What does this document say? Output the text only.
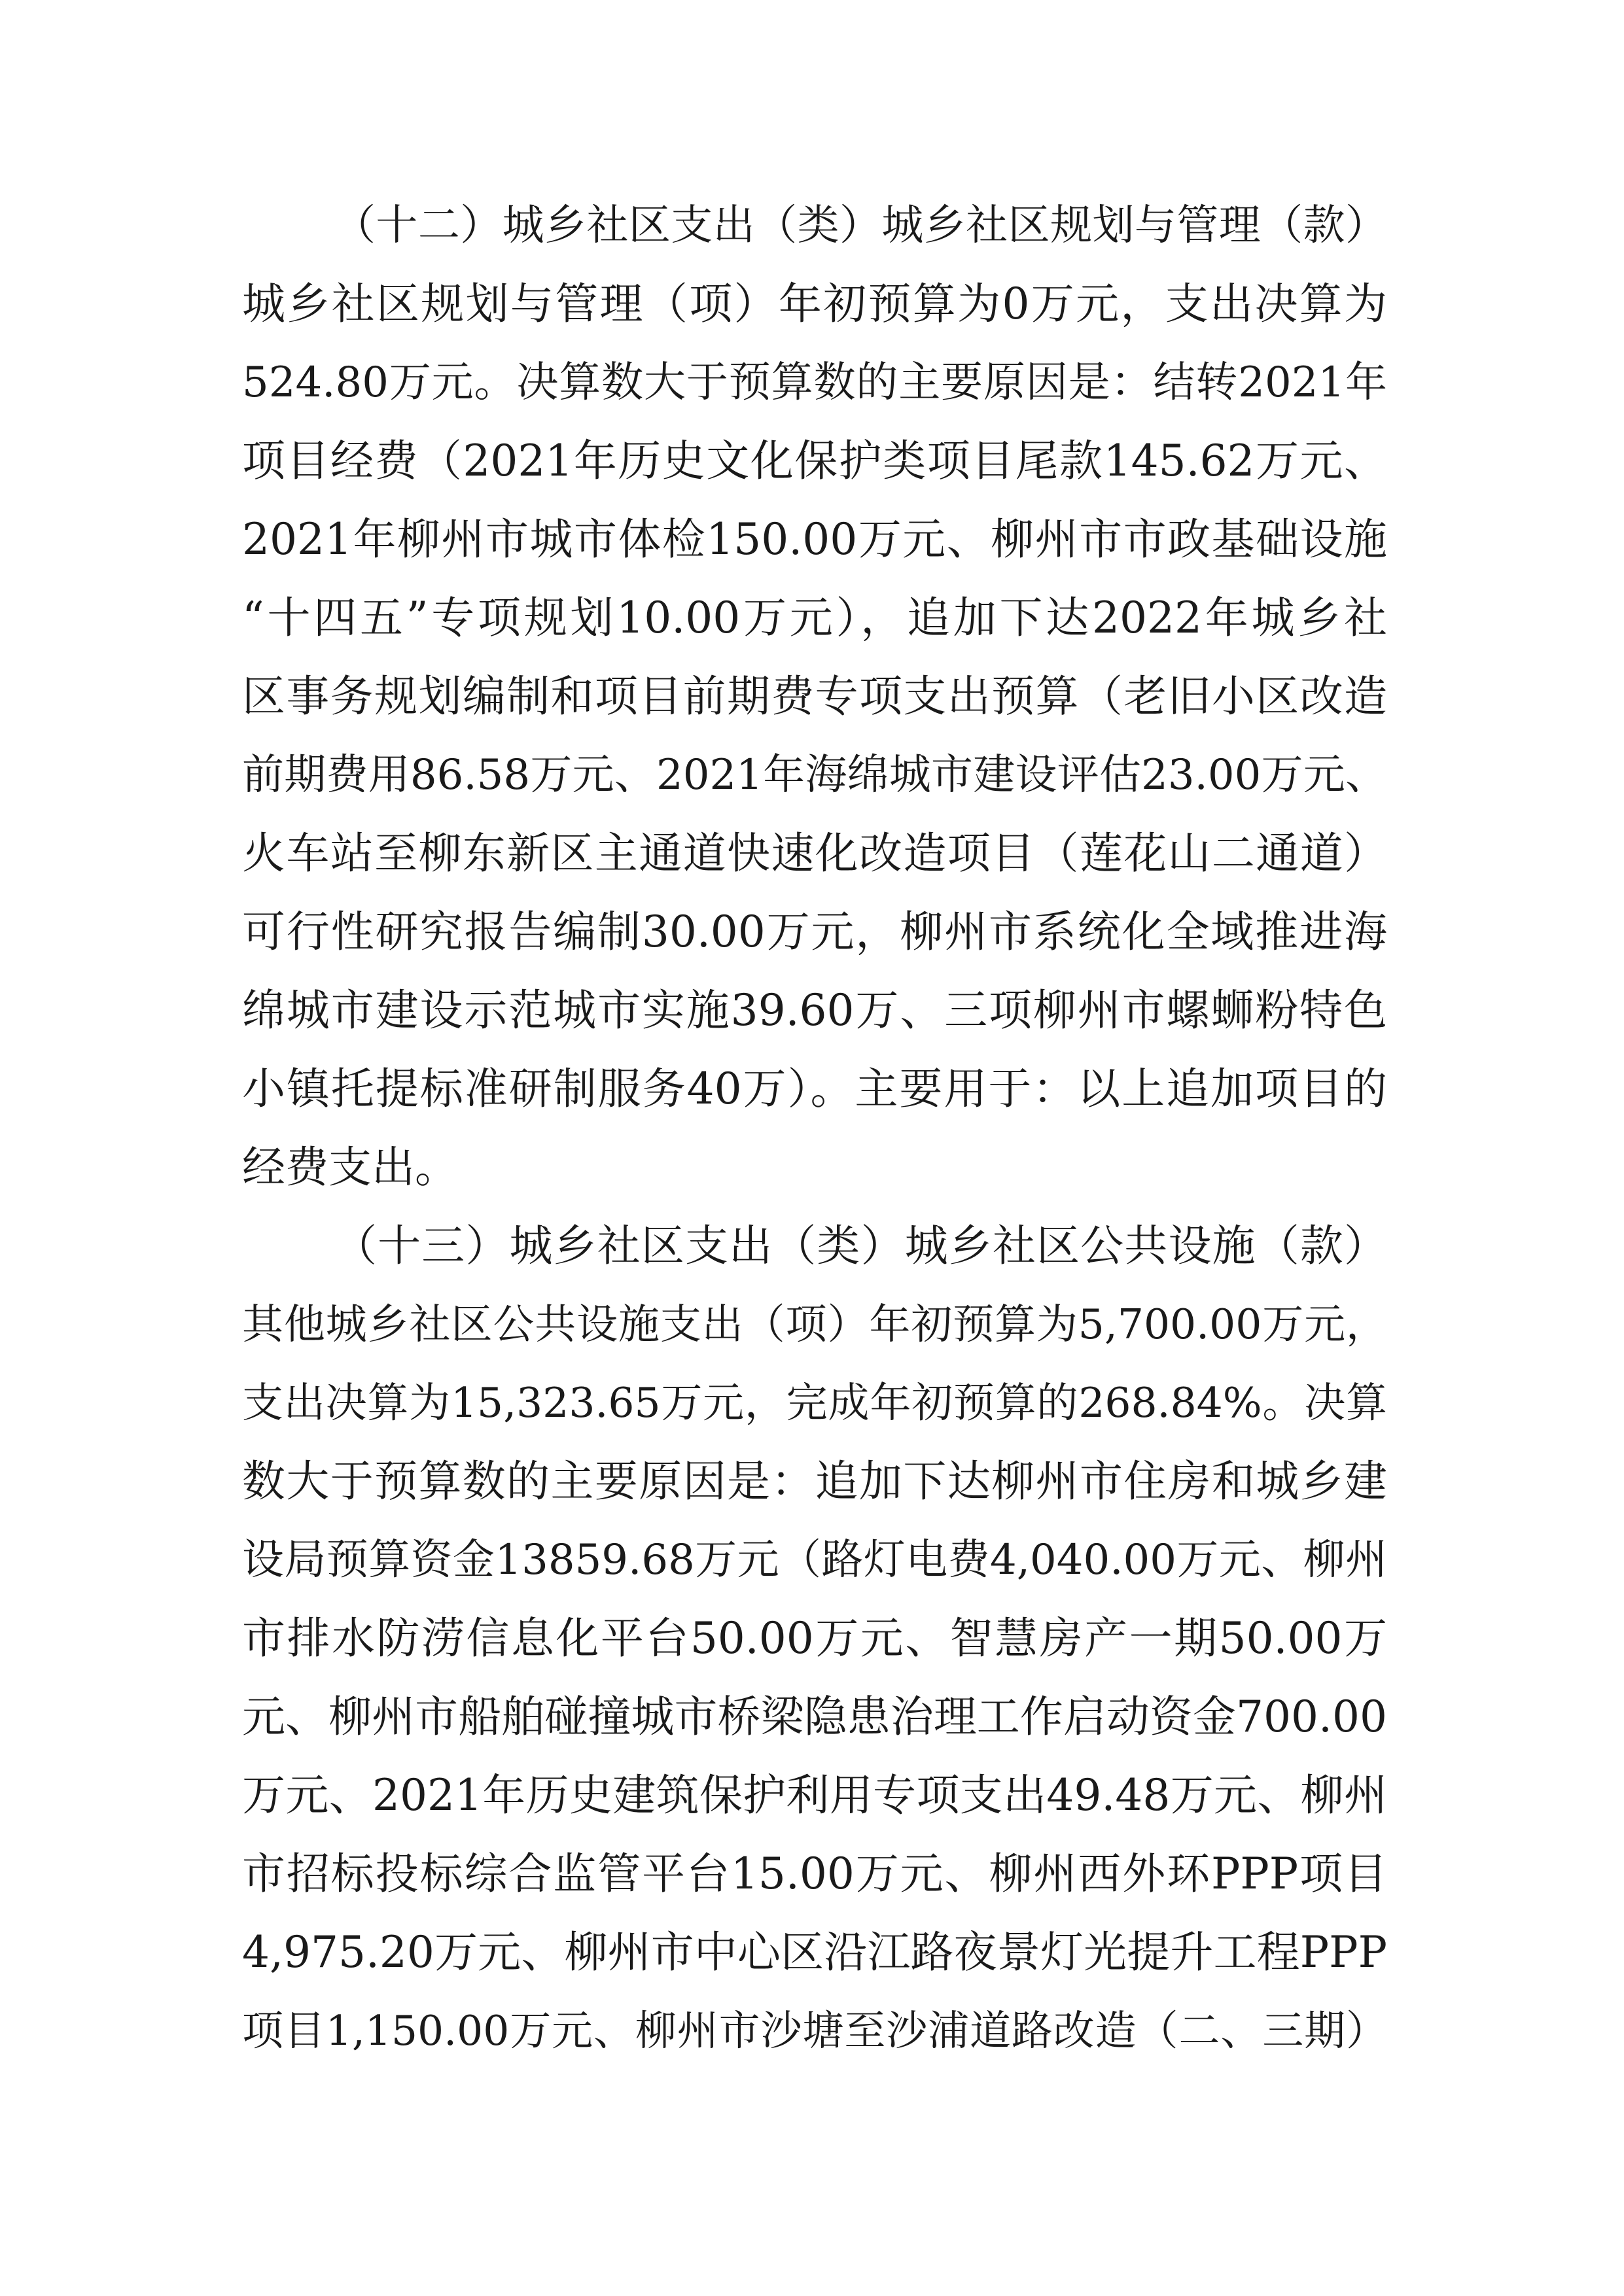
（十二）城乡社区支出（类）城乡社区规划与管理（款）
城乡社区规划与管理（项）年初预算为0万元，支出决算为
524.80万元。决算数大于预算数的主要原因是：结转2021年
项目经费（2021年历史文化保护类项目尾款145.62万元、
2021年柳州市城市体检150.00万元、柳州市市政基础设施
“十四五”专项规划10.00万元），追加下达2022年城乡社
区事务规划编制和项目前期费专项支出预算（老旧小区改造
前期费用86.58万元、2021年海绵城市建设评估23.00万元、
火车站至柳东新区主通道快速化改造项目（莲花山二通道）
可行性研究报告编制30.00万元，柳州市系统化全域推进海
绵城市建设示范城市实施39.60万、三项柳州市螺蛳粉特色
小镇托提标准研制服务40万）。主要用于：以上追加项目的
经费支出。
（十三）城乡社区支出（类）城乡社区公共设施（款）
其他城乡社区公共设施支出（项）年初预算为5,700.00万元，
支出决算为15,323.65万元，完成年初预算的268.84%。决算
数大于预算数的主要原因是：追加下达柳州市住房和城乡建
设局预算资金13859.68万元（路灯电费4,040.00万元、柳州
市排水防涝信息化平台50.00万元、智慧房产一期50.00万
元、柳州市船舶碰撞城市桥梁隐患治理工作启动资金700.00
万元、2021年历史建筑保护利用专项支出49.48万元、柳州
市招标投标综合监管平台15.00万元、柳州西外环PPP项目
4,975.20万元、柳州市中心区沿江路夜景灯光提升工程PPP
项目1,150.00万元、柳州市沙塘至沙浦道路改造（二、三期）
